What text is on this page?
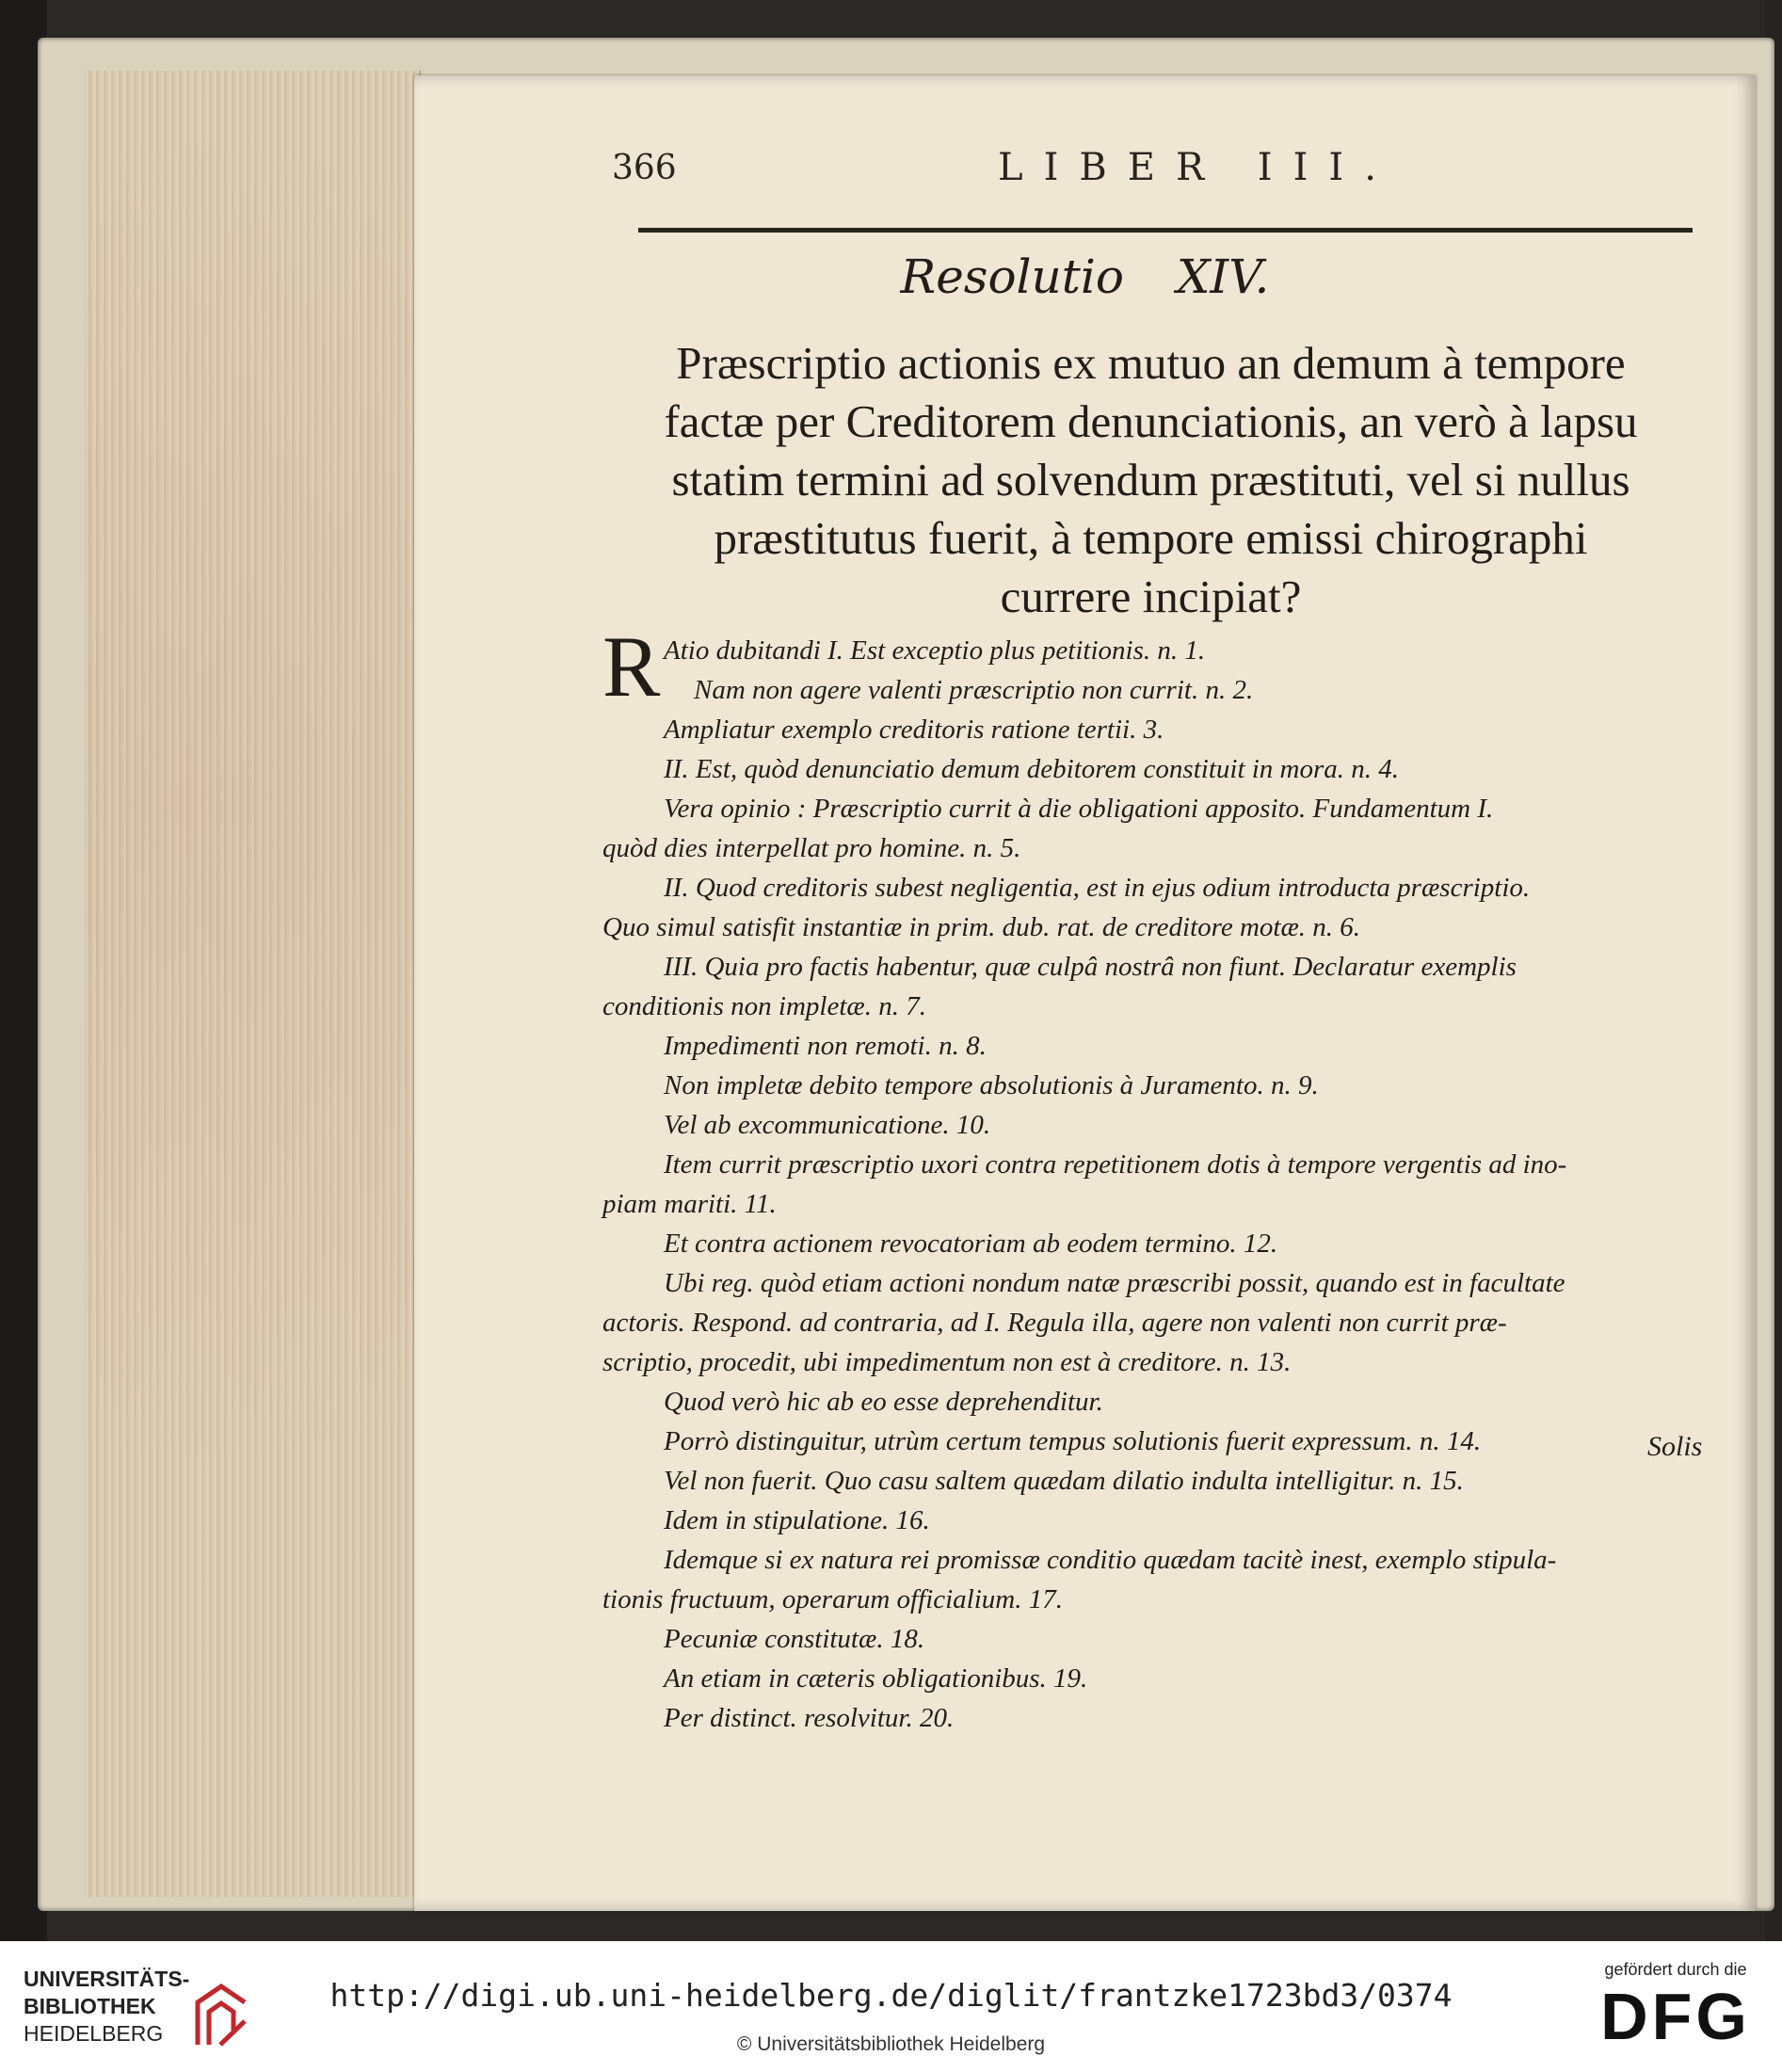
366	LIBER III.
Resolutio XIV.
Præscriptio actionis ex mutuo an demum à tempore
factæ per Creditorem denunciationis, an verò à lapsu
statim termini ad solvendum præstituti, vel si nullus
præstitutus fuerit, à tempore emissi chirographi
currere incipiat?
R Atio dubitandi I. Est exceptio plus petitionis. n. 1.
Nam non agere valenti præscriptio non currit. n. 2.
Ampliatur exemplo creditoris ratione tertii. 3.
II. Est, quòd denunciatio demum debitorem constituit in mora. n. 4.
Vera opinio : Præscriptio currit à die obligationi apposito. Fundamentum I.
quòd dies interpellat pro homine. n. 5.
II. Quod creditoris subest negligentia, est in ejus odium introducta præscriptio.
Quo simul satisfit instantiæ in prim. dub. rat. de creditore motæ. n. 6.
III. Quia pro factis habentur, quæ culpâ nostrâ non fiunt. Declaratur exemplis
conditionis non impletæ. n. 7.
Impedimenti non remoti. n. 8.
Non impletæ debito tempore absolutionis à Juramento. n. 9.
Vel ab excommunicatione. 10.
Item currit præscriptio uxori contra repetitionem dotis à tempore vergentis ad ino-
piam mariti. 11.
Et contra actionem revocatoriam ab eodem termino. 12.
Ubi reg. quòd etiam actioni nondum natæ præscribi possit, quando est in facultate
actoris. Respond. ad contraria, ad I. Regula illa, agere non valenti non currit præ-
scriptio, procedit, ubi impedimentum non est à creditore. n. 13.
Quod verò hic ab eo esse deprehenditur.
Porrò distinguitur, utrùm certum tempus solutionis fuerit expressum. n. 14.
Vel non fuerit. Quo casu saltem quædam dilatio indulta intelligitur. n. 15.
Idem in stipulatione. 16.
Idemque si ex natura rei promissæ conditio quædam tacitè inest, exemplo stipula-
tionis fructuum, operarum officialium. 17.
Pecuniæ constitutæ. 18.
An etiam in cæteris obligationibus. 19.
Per distinct. resolvitur. 20.
Solis
UNIVERSITÄTS-
BIBLIOTHEK
HEIDELBERG
http://digi.ub.uni-heidelberg.de/diglit/frantzke1723bd3/0374
© Universitätsbibliothek Heidelberg
gefördert durch die
DFG
